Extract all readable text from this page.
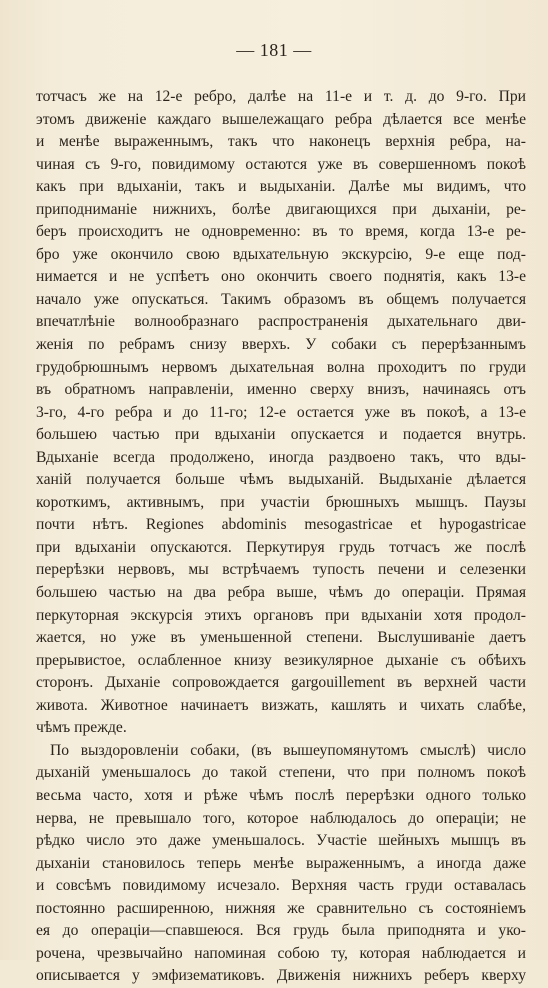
— 181 —
тотчасъ же на 12-е ребро, далѣе на 11-е и т. д. до 9-го. При
этомъ движеніе каждаго вышележащаго ребра дѣлается все менѣе
и менѣе выраженнымъ, такъ что наконецъ верхнія ребра, на-
чиная съ 9-го, повидимому остаются уже въ совершенномъ покоѣ
какъ при вдыханіи, такъ и выдыханіи. Далѣе мы видимъ, что
приподниманіе нижнихъ, болѣе двигающихся при дыханіи, ре-
беръ происходитъ не одновременно: въ то время, когда 13-е ре-
бро уже окончило свою вдыхательную экскурсію, 9-е еще под-
нимается и не успѣетъ оно окончить своего поднятія, какъ 13-е
начало уже опускаться. Такимъ образомъ въ общемъ получается
впечатлѣніе волнообразнаго распространенія дыхательнаго дви-
женія по ребрамъ снизу вверхъ. У собаки съ перерѣзаннымъ
грудобрюшнымъ нервомъ дыхательная волна проходитъ по груди
въ обратномъ направленіи, именно сверху внизъ, начинаясь отъ
3-го, 4-го ребра и до 11-го; 12-е остается уже въ покоѣ, а 13-е
большею частью при вдыханіи опускается и подается внутрь.
Вдыханіе всегда продолжено, иногда раздвоено такъ, что вды-
ханій получается больше чѣмъ выдыханій. Выдыханіе дѣлается
короткимъ, активнымъ, при участіи брюшныхъ мышцъ. Паузы
почти нѣтъ. Regiones abdominis mesogastricae et hypogastricae
при вдыханіи опускаются. Перкутируя грудь тотчасъ же послѣ
перерѣзки нервовъ, мы встрѣчаемъ тупость печени и селезенки
большею частью на два ребра выше, чѣмъ до операціи. Прямая
перкуторная экскурсія этихъ органовъ при вдыханіи хотя продол-
жается, но уже въ уменьшенной степени. Выслушиваніе даетъ
прерывистое, ослабленное книзу везикулярное дыханіе съ обѣихъ
сторонъ. Дыханіе сопровождается gargouillement въ верхней части
живота. Животное начинаетъ визжать, кашлять и чихать слабѣе,
чѣмъ прежде.
По выздоровленіи собаки, (въ вышеупомянутомъ смыслѣ) число
дыханій уменьшалось до такой степени, что при полномъ покоѣ
весьма часто, хотя и рѣже чѣмъ послѣ перерѣзки одного только
нерва, не превышало того, которое наблюдалось до операціи; не
рѣдко число это даже уменьшалось. Участіе шейныхъ мышцъ въ
дыханіи становилось теперь менѣе выраженнымъ, а иногда даже
и совсѣмъ повидимому исчезало. Верхняя часть груди оставалась
постоянно расширенною, нижняя же сравнительно съ состояніемъ
ея до операціи—спавшеюся. Вся грудь была приподнята и уко-
рочена, чрезвычайно напоминая собою ту, которая наблюдается и
описывается у эмфизематиковъ. Движенія нижнихъ реберъ кверху
